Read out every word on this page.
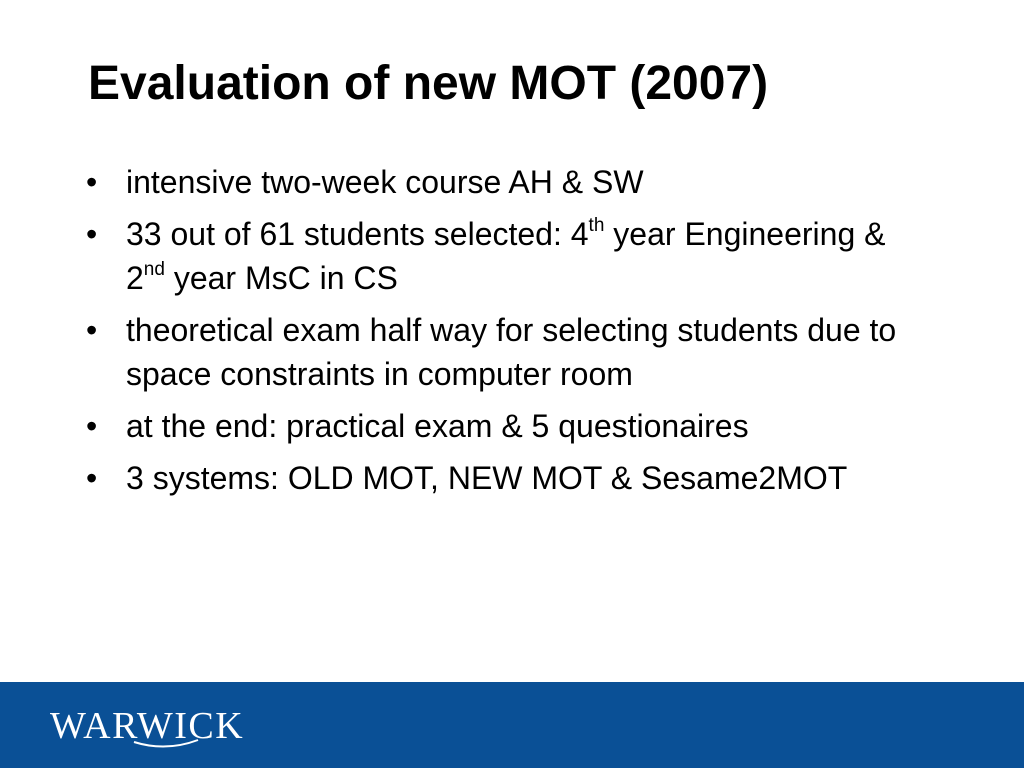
Evaluation of new MOT (2007)
• intensive two-week course AH & SW
• 33 out of 61 students selected: 4th year Engineering & 2nd year MsC in CS
• theoretical exam half way for selecting students due to space constraints in computer room
• at the end: practical exam & 5 questionaires
• 3 systems: OLD MOT, NEW MOT & Sesame2MOT
WARWICK
